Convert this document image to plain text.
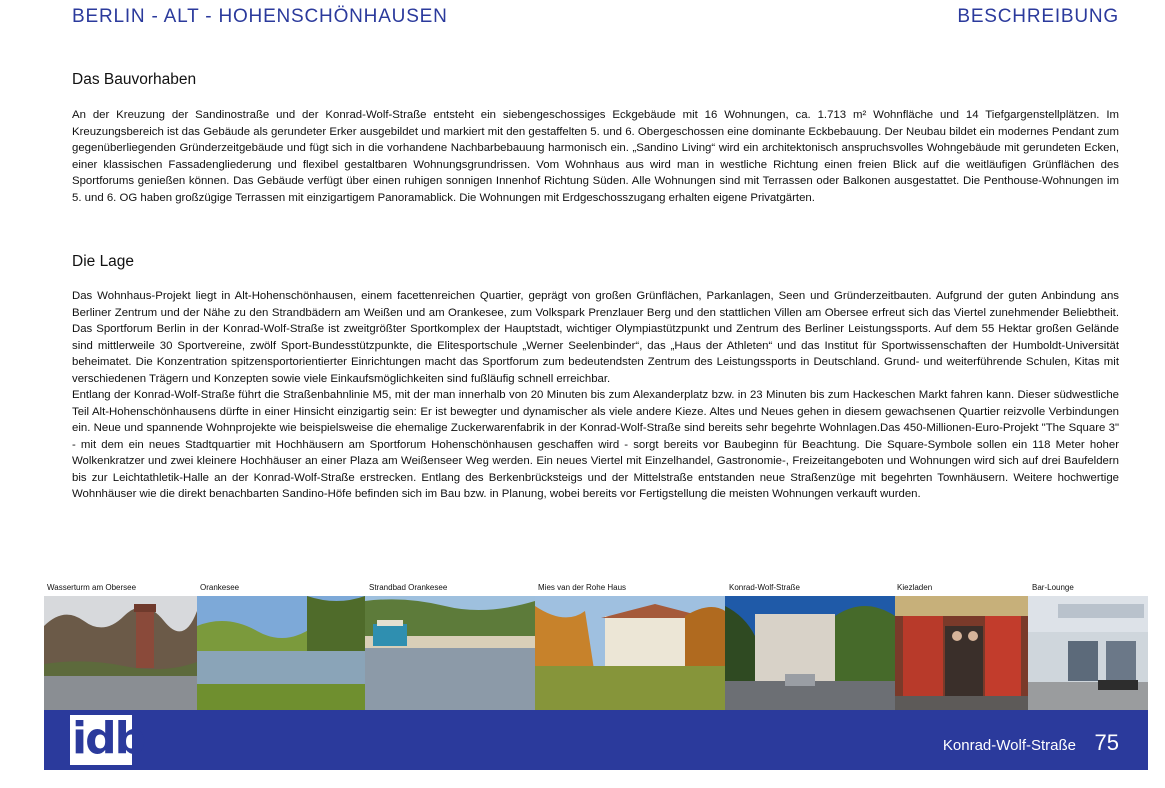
BERLIN - ALT - HOHENSCHÖNHAUSEN	BESCHREIBUNG
Das Bauvorhaben

An der Kreuzung der Sandinostraße und der Konrad-Wolf-Straße entsteht ein siebengeschossiges Eckgebäude mit 16 Wohnungen, ca. 1.713 m² Wohnfläche und 14 Tiefgargenstellplätzen. Im Kreuzungsbereich ist das Gebäude als gerundeter Erker ausgebildet und markiert mit den gestaffelten 5. und 6. Obergeschossen eine dominante Eckbebauung. Der Neubau bildet ein modernes Pendant zum gegenüberliegenden Gründerzeitgebäude und fügt sich in die vorhandene Nachbarbebauung harmonisch ein. „Sandino Living“ wird ein architektonisch anspruchsvolles Wohngebäude mit gerundeten Ecken, einer klassischen Fassadengliederung und flexibel gestaltbaren Wohnungsgrundrissen. Vom Wohnhaus aus wird man in westliche Richtung einen freien Blick auf die weitläufigen Grünflächen des Sportforums genießen können. Das Gebäude verfügt über einen ruhigen sonnigen Innenhof Richtung Süden. Alle Wohnungen sind mit Terrassen oder Balkonen ausgestattet. Die Penthouse-Wohnungen im 5. und 6. OG haben großzügige Terrassen mit einzigartigem Panoramablick. Die Wohnungen mit Erdgeschosszugang erhalten eigene Privatgärten.

Die Lage

Das Wohnhaus-Projekt liegt in Alt-Hohenschönhausen, einem facettenreichen Quartier, geprägt von großen Grünflächen, Parkanlagen, Seen und Gründerzeitbauten. Aufgrund der guten Anbindung ans Berliner Zentrum und der Nähe zu den Strandbädern am Weißen und am Orankesee, zum Volkspark Prenzlauer Berg und den stattlichen Villen am Obersee erfreut sich das Viertel zunehmender Beliebtheit. Das Sportforum Berlin in der Konrad-Wolf-Straße ist zweitgrößter Sportkomplex der Hauptstadt, wichtiger Olympiastützpunkt und Zentrum des Berliner Leistungssports. Auf dem 55 Hektar großen Gelände sind mittlerweile 30 Sportvereine, zwölf Sport-Bundesstützpunkte, die Elitesportschule „Werner Seelenbinder“, das „Haus der Athleten“ und das Institut für Sportwissenschaften der Humboldt-Universität beheimatet. Die Konzentration spitzensportorientierter Einrichtungen macht das Sportforum zum bedeutendsten Zentrum des Leistungssports in Deutschland. Grund- und weiterführende Schulen, Kitas mit verschiedenen Trägern und Konzepten sowie viele Einkaufsmöglichkeiten sind fußläufig schnell erreichbar.

Entlang der Konrad-Wolf-Straße führt die Straßenbahnlinie M5, mit der man innerhalb von 20 Minuten bis zum Alexanderplatz bzw. in 23 Minuten bis zum Hackeschen Markt fahren kann. Dieser südwestliche Teil Alt-Hohenschönhausens dürfte in einer Hinsicht einzigartig sein: Er ist bewegter und dynamischer als viele andere Kieze. Altes und Neues gehen in diesem gewachsenen Quartier reizvolle Verbindungen ein. Neue und spannende Wohnprojekte wie beispielsweise die ehemalige Zuckerwarenfabrik in der Konrad-Wolf-Straße sind bereits sehr begehrte Wohnlagen.Das 450-Millionen-Euro-Projekt "The Square 3" - mit dem ein neues Stadtquartier mit Hochhäusern am Sportforum Hohenschönhausen geschaffen wird - sorgt bereits vor Baubeginn für Beachtung. Die Square-Symbole sollen ein 118 Meter hoher Wolkenkratzer und zwei kleinere Hochhäuser an einer Plaza am Weißenseer Weg werden. Ein neues Viertel mit Einzelhandel, Gastronomie-, Freizeitangeboten und Wohnungen wird sich auf drei Baufeldern bis zur Leichtathletik-Halle an der Konrad-Wolf-Straße erstrecken. Entlang des Berkenbrücksteigs und der Mittelstraße entstanden neue Straßenzüge mit begehrten Townhäusern. Weitere hochwertige Wohnhäuser wie die direkt benachbarten Sandino-Höfe befinden sich im Bau bzw. in Planung, wobei bereits vor Fertigstellung die meisten Wohnungen verkauft wurden.

Wasserturm am Obersee	Orankesee	Strandbad Orankesee	Mies van der Rohe Haus	Konrad-Wolf-Straße	Kiezladen	Bar-Lounge
idb	Konrad-Wolf-Straße 75
